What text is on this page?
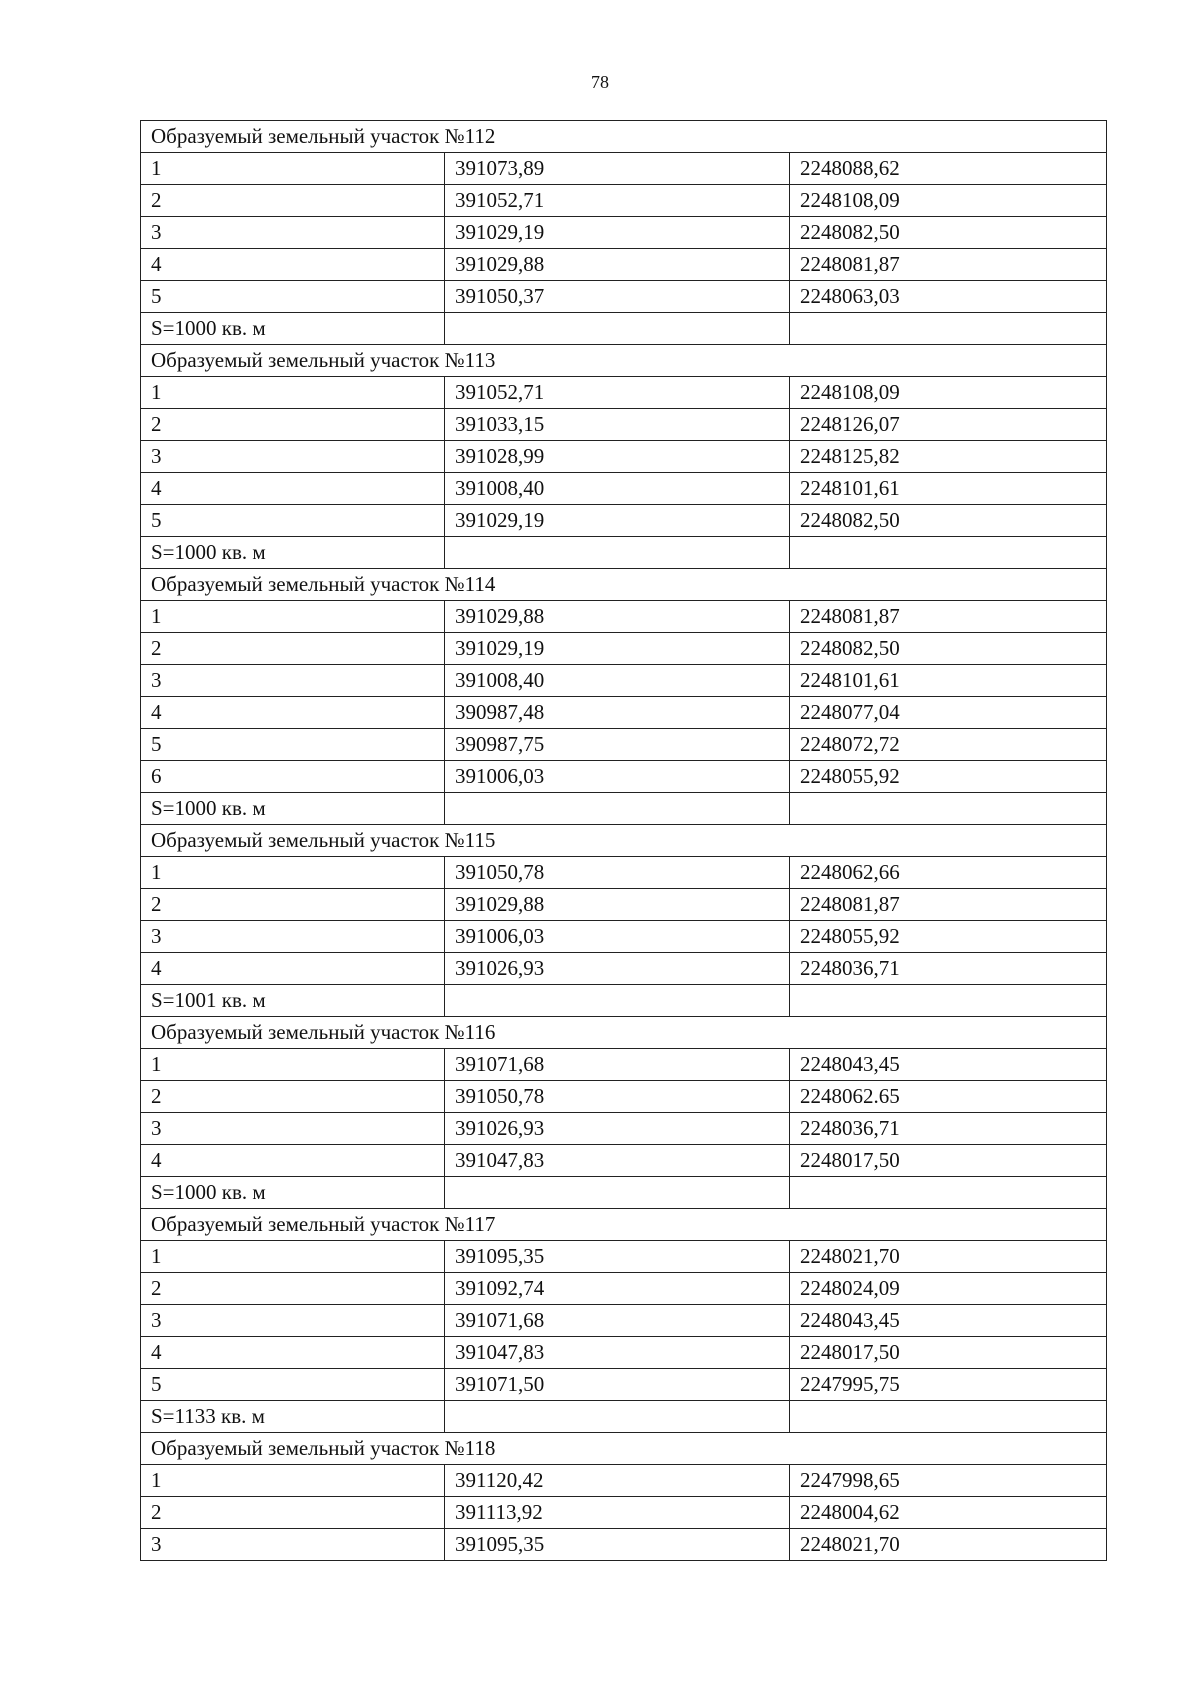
78
Образуемый земельный участок №112		
1	391073,89	2248088,62
2	391052,71	2248108,09
3	391029,19	2248082,50
4	391029,88	2248081,87
5	391050,37	2248063,03
S=1000 кв. м		
Образуемый земельный участок №113		
1	391052,71	2248108,09
2	391033,15	2248126,07
3	391028,99	2248125,82
4	391008,40	2248101,61
5	391029,19	2248082,50
S=1000 кв. м		
Образуемый земельный участок №114		
1	391029,88	2248081,87
2	391029,19	2248082,50
3	391008,40	2248101,61
4	390987,48	2248077,04
5	390987,75	2248072,72
6	391006,03	2248055,92
S=1000 кв. м		
Образуемый земельный участок №115		
1	391050,78	2248062,66
2	391029,88	2248081,87
3	391006,03	2248055,92
4	391026,93	2248036,71
S=1001 кв. м		
Образуемый земельный участок №116		
1	391071,68	2248043,45
2	391050,78	2248062.65
3	391026,93	2248036,71
4	391047,83	2248017,50
S=1000 кв. м		
Образуемый земельный участок №117		
1	391095,35	2248021,70
2	391092,74	2248024,09
3	391071,68	2248043,45
4	391047,83	2248017,50
5	391071,50	2247995,75
S=1133 кв. м		
Образуемый земельный участок №118		
1	391120,42	2247998,65
2	391113,92	2248004,62
3	391095,35	2248021,70
